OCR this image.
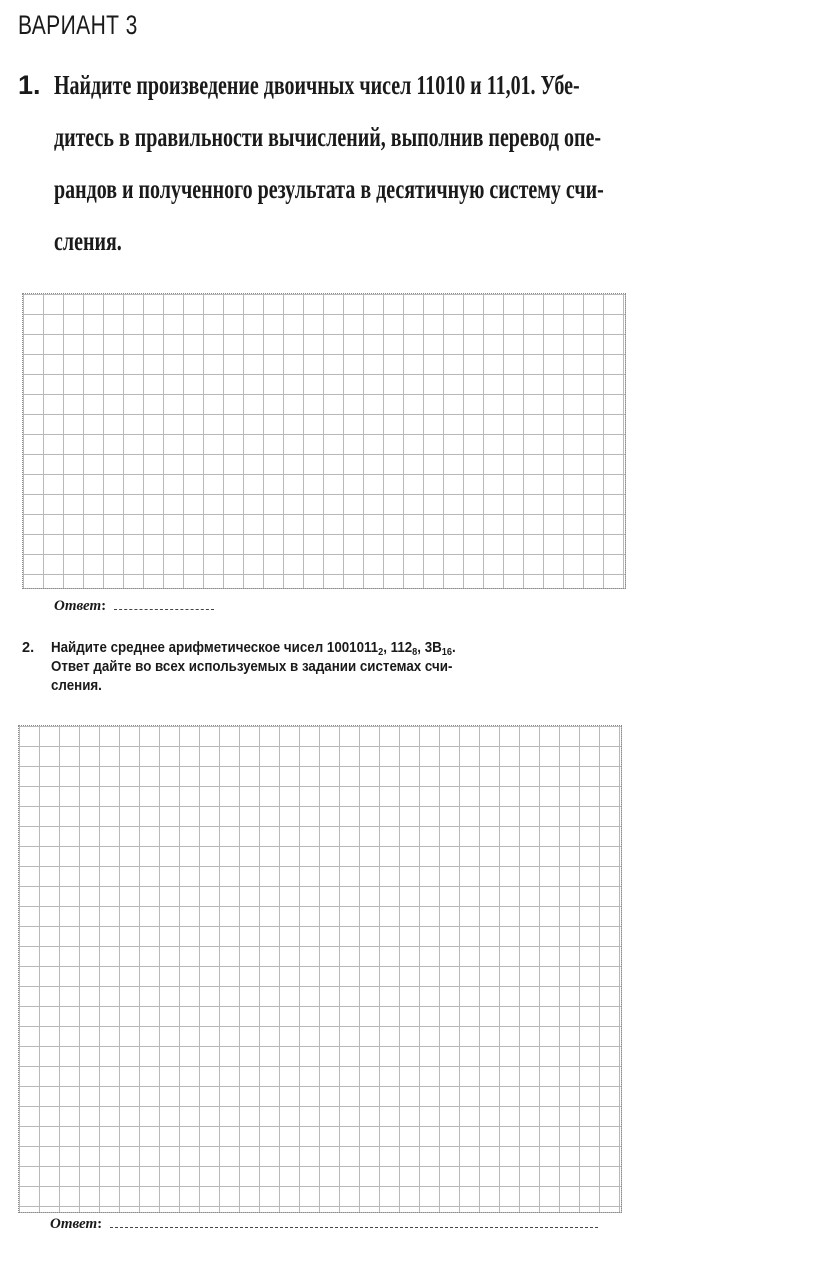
ВАРИАНТ 3
1. Найдите произведение двоичных чисел 11010 и 11,01. Убе-
дитесь в правильности вычислений, выполнив перевод опе-
рандов и полученного результата в десятичную систему счи-
сления.
Ответ:
2. Найдите среднее арифметическое чисел $1001011_2$, $112_8$, $3B_{16}$.
Ответ дайте во всех используемых в задании системах счи-
сления.
Ответ:
